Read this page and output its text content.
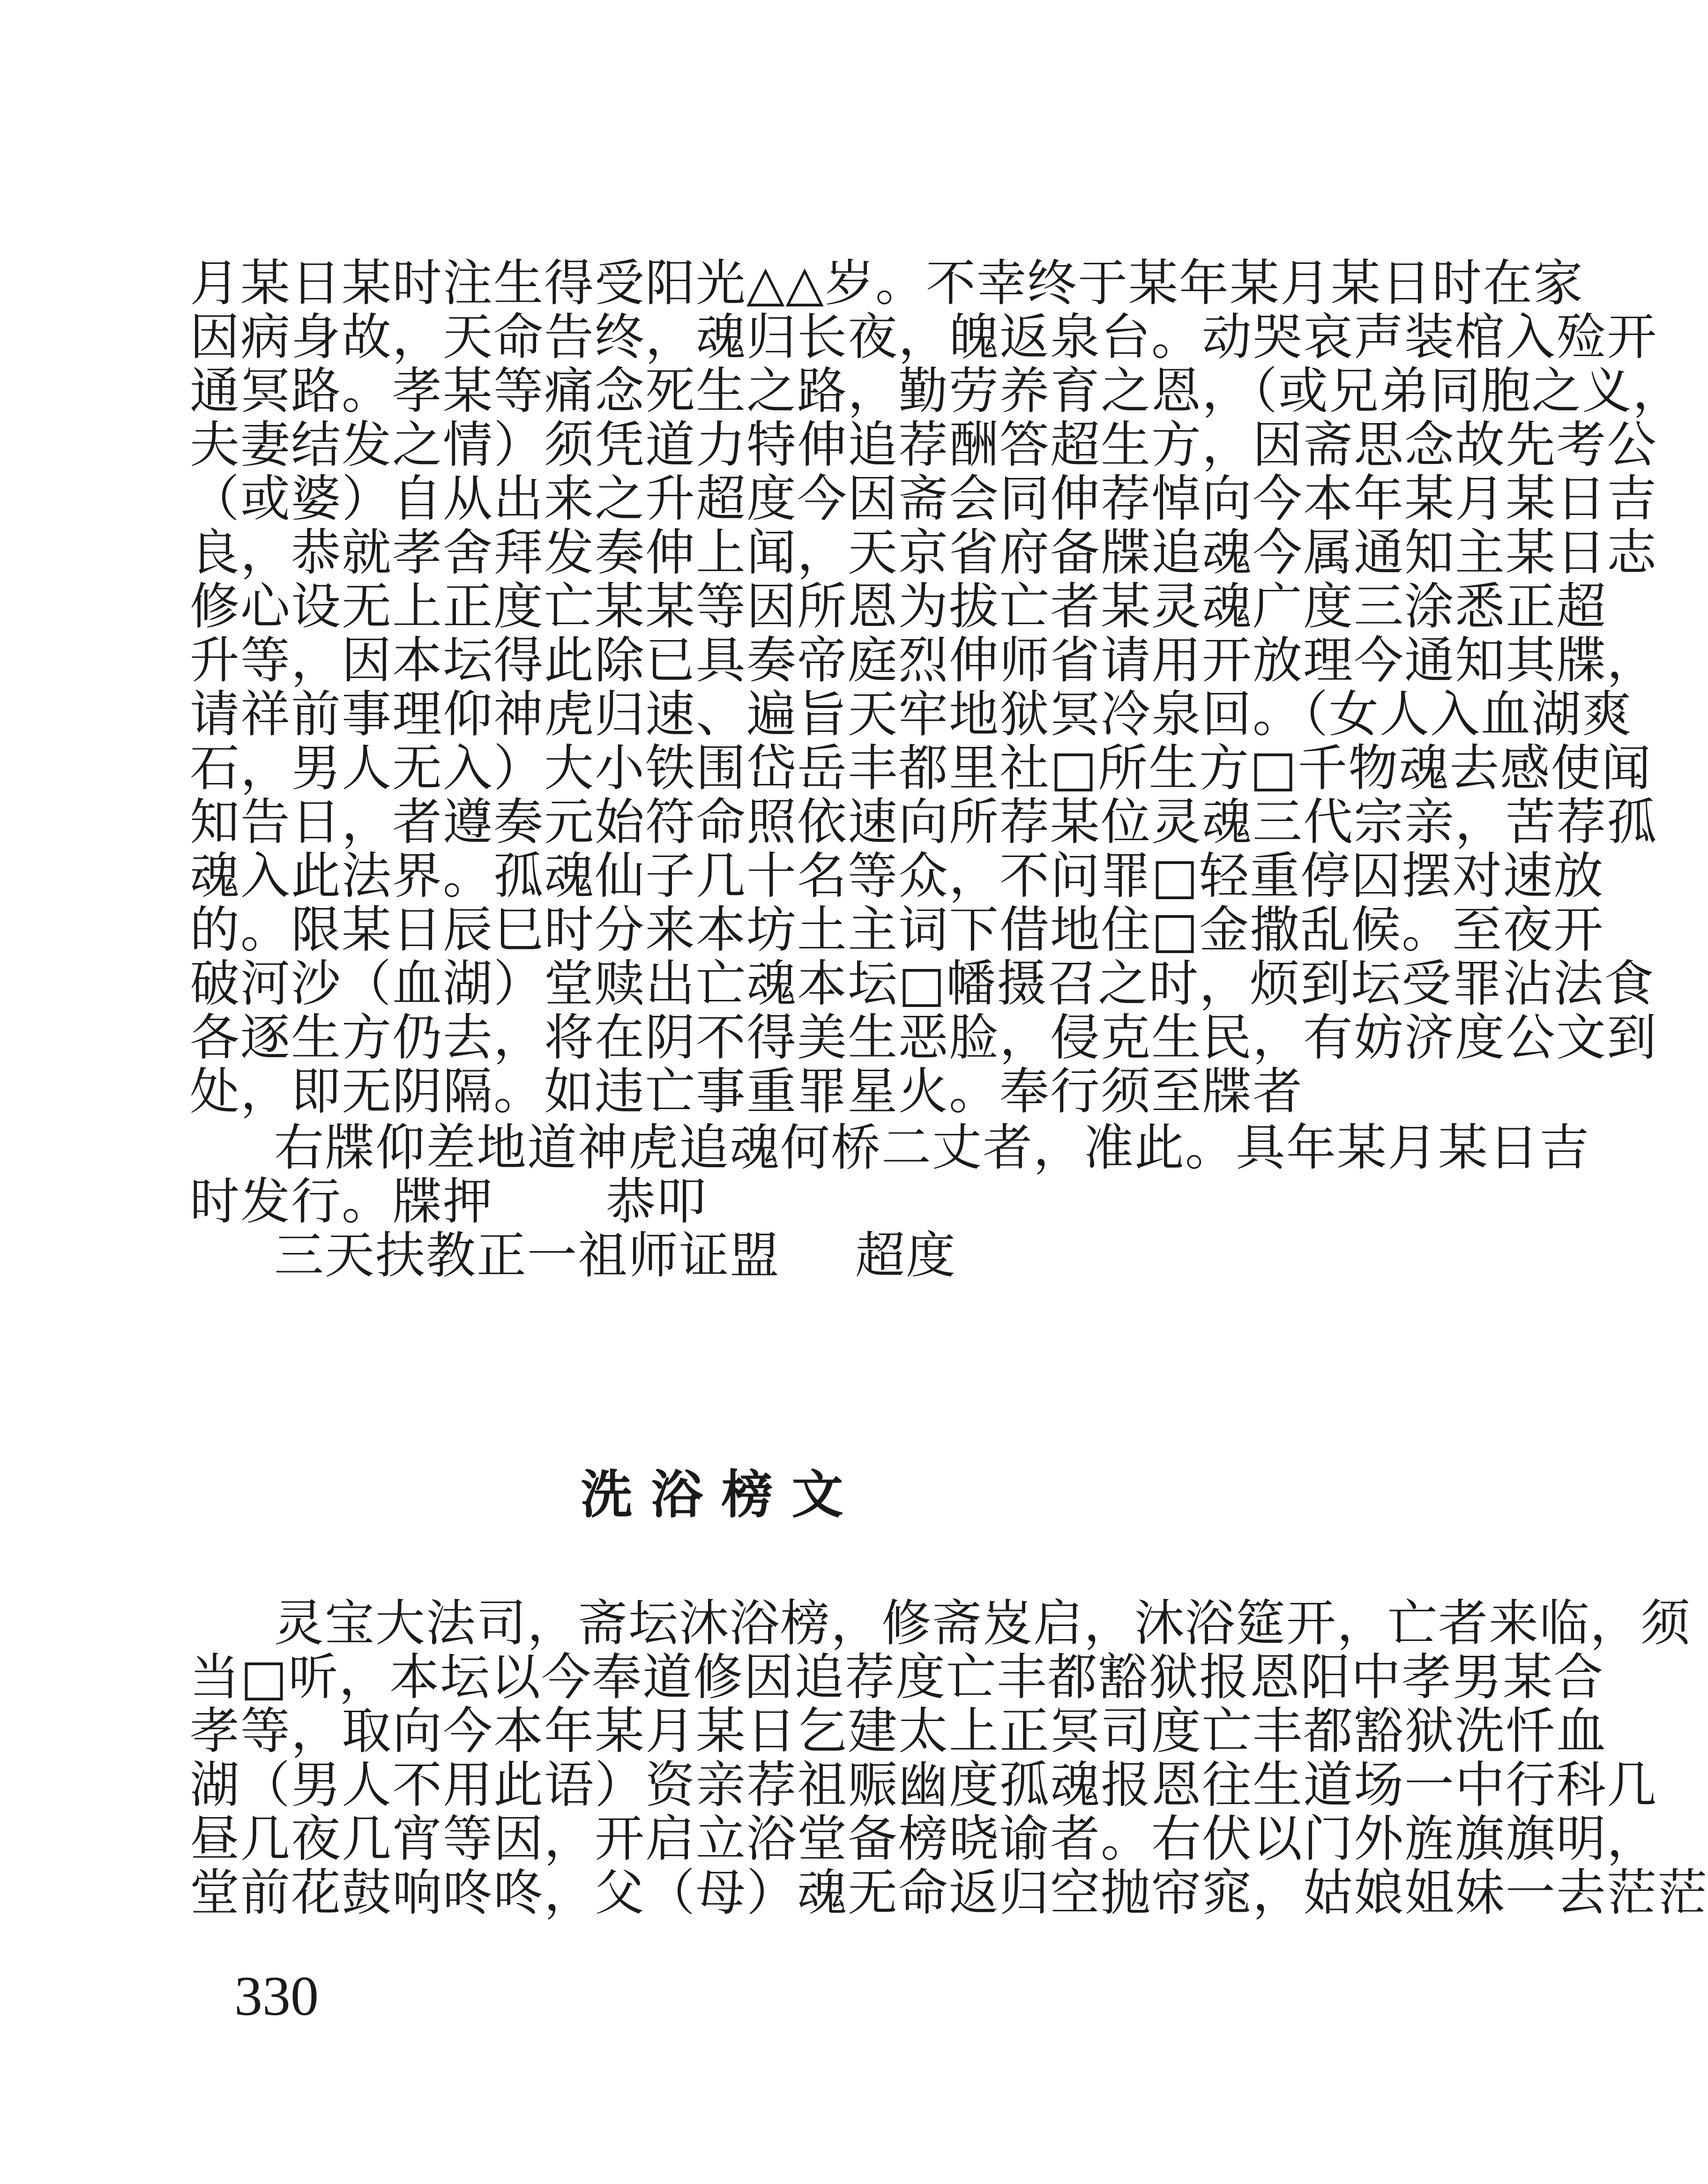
月某日某时注生得受阳光△△岁。不幸终于某年某月某日时在家
因病身故，天命告终，魂归长夜，魄返泉台。动哭哀声装棺入殓开
通冥路。孝某等痛念死生之路，勤劳养育之恩，（或兄弟同胞之义，
夫妻结发之情）须凭道力特伸追荐酬答超生方，因斋思念故先考公
（或婆）自从出来之升超度今因斋会同伸荐悼向今本年某月某日吉
良，恭就孝舍拜发奏伸上闻，天京省府备牒追魂今属通知主某日志
修心设无上正度亡某某等因所恩为拔亡者某灵魂广度三涂悉正超
升等，因本坛得此除已具奏帝庭烈伸师省请用开放理今通知其牒，
请祥前事理仰神虎归速、遍旨天牢地狱冥冷泉回。（女人入血湖爽
石，男人无入）大小铁围岱岳丰都里社□所生方□千物魂去感使闻
知告日，者遵奏元始符命照依速向所荐某位灵魂三代宗亲，苦荐孤
魂入此法界。孤魂仙子几十名等众，不问罪□轻重停囚摆对速放
的。限某日辰巳时分来本坊土主词下借地住□金撒乱候。至夜开
破河沙（血湖）堂赎出亡魂本坛□幡摄召之时，烦到坛受罪沾法食
各逐生方仍去，将在阴不得美生恶脸，侵克生民，有妨济度公文到
处，即无阴隔。如违亡事重罪星火。奉行须至牒者
右牒仰差地道神虎追魂何桥二丈者，准此。具年某月某日吉
时发行。牒押 恭叩
三天扶教正一祖师证盟 超度
洗浴榜文
灵宝大法司，斋坛沐浴榜，修斋岌启，沐浴筵开，亡者来临，须
当□听，本坛以今奉道修因追荐度亡丰都豁狱报恩阳中孝男某合
孝等，取向今本年某月某日乞建太上正冥司度亡丰都豁狱洗忏血
湖（男人不用此语）资亲荐祖赈幽度孤魂报恩往生道场一中行科几
昼几夜几宵等因，开启立浴堂备榜晓谕者。右伏以门外旌旗旗明，
堂前花鼓响咚咚，父（母）魂无命返归空抛帘窕，姑娘姐妹一去茫茫
330
